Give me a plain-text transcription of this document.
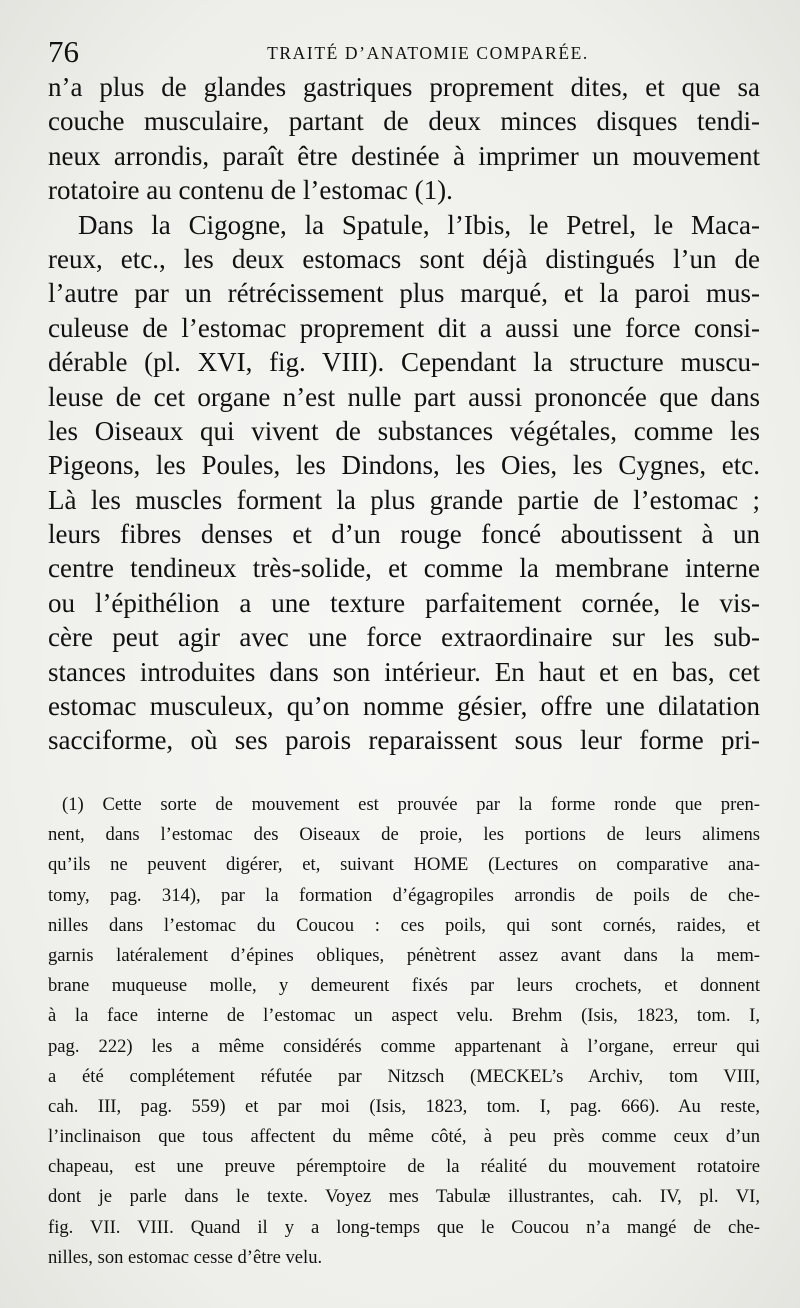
76	TRAITÉ D’ANATOMIE COMPARÉE.
n’a plus de glandes gastriques proprement dites, et que sa
couche musculaire, partant de deux minces disques tendi-
neux arrondis, paraît être destinée à imprimer un mouvement
rotatoire au contenu de l’estomac (1).
Dans la Cigogne, la Spatule, l’Ibis, le Petrel, le Maca-
reux, etc., les deux estomacs sont déjà distingués l’un de
l’autre par un rétrécissement plus marqué, et la paroi mus-
culeuse de l’estomac proprement dit a aussi une force consi-
dérable (pl. XVI, fig. VIII). Cependant la structure muscu-
leuse de cet organe n’est nulle part aussi prononcée que dans
les Oiseaux qui vivent de substances végétales, comme les
Pigeons, les Poules, les Dindons, les Oies, les Cygnes, etc.
Là les muscles forment la plus grande partie de l’estomac ;
leurs fibres denses et d’un rouge foncé aboutissent à un
centre tendineux très-solide, et comme la membrane interne
ou l’épithélion a une texture parfaitement cornée, le vis-
cère peut agir avec une force extraordinaire sur les sub-
stances introduites dans son intérieur. En haut et en bas, cet
estomac musculeux, qu’on nomme gésier, offre une dilatation
sacciforme, où ses parois reparaissent sous leur forme pri-
(1) Cette sorte de mouvement est prouvée par la forme ronde que pren-
nent, dans l’estomac des Oiseaux de proie, les portions de leurs alimens
qu’ils ne peuvent digérer, et, suivant HOME (Lectures on comparative ana-
tomy, pag. 314), par la formation d’égagropiles arrondis de poils de che-
nilles dans l’estomac du Coucou : ces poils, qui sont cornés, raides, et
garnis latéralement d’épines obliques, pénètrent assez avant dans la mem-
brane muqueuse molle, y demeurent fixés par leurs crochets, et donnent
à la face interne de l’estomac un aspect velu. Brehm (Isis, 1823, tom. I,
pag. 222) les a même considérés comme appartenant à l’organe, erreur qui
a été complétement réfutée par Nitzsch (MECKEL’s Archiv, tom VIII,
cah. III, pag. 559) et par moi (Isis, 1823, tom. I, pag. 666). Au reste,
l’inclinaison que tous affectent du même côté, à peu près comme ceux d’un
chapeau, est une preuve péremptoire de la réalité du mouvement rotatoire
dont je parle dans le texte. Voyez mes Tabulæ illustrantes, cah. IV, pl. VI,
fig. VII. VIII. Quand il y a long-temps que le Coucou n’a mangé de che-
nilles, son estomac cesse d’être velu.
